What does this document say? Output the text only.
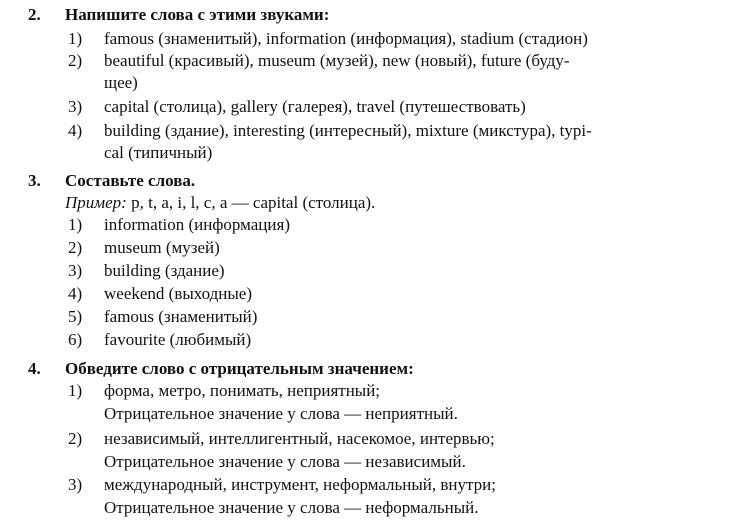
2. Напишите слова с этими звуками:
1) famous (знаменитый), information (информация), stadium (стадион)
2) beautiful (красивый), museum (музей), new (новый), future (буду-
щее)
3) capital (столица), gallery (галерея), travel (путешествовать)
4) building (здание), interesting (интересный), mixture (микстура), typi-
cal (типичный)
3. Составьте слова.
Пример: p, t, a, i, l, c, a — capital (столица).
1) information (информация)
2) museum (музей)
3) building (здание)
4) weekend (выходные)
5) famous (знаменитый)
6) favourite (любимый)
4. Обведите слово с отрицательным значением:
1) форма, метро, понимать, неприятный;
Отрицательное значение у слова — неприятный.
2) независимый, интеллигентный, насекомое, интервью;
Отрицательное значение у слова — независимый.
3) международный, инструмент, неформальный, внутри;
Отрицательное значение у слова — неформальный.
